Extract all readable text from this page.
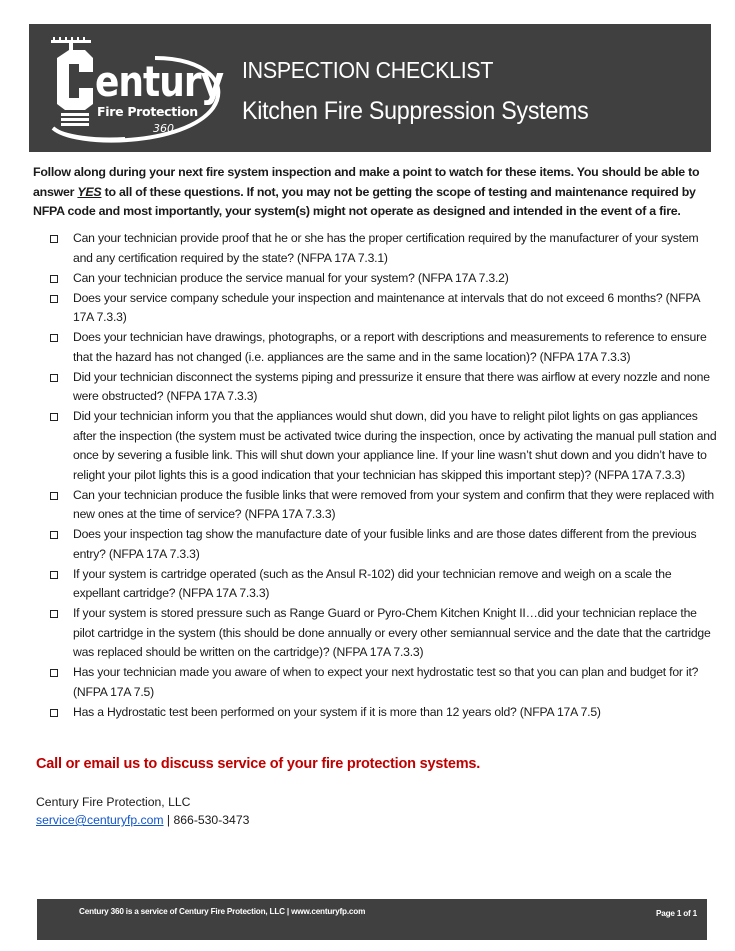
entury
Fire Protection
360
INSPECTION CHECKLIST
Kitchen Fire Suppression Systems

Follow along during your next fire system inspection and make a point to watch for these items. You should be able to answer YES to all of these questions. If not, you may not be getting the scope of testing and maintenance required by NFPA code and most importantly, your system(s) might not operate as designed and intended in the event of a fire.

Can your technician provide proof that he or she has the proper certification required by the manufacturer of your system and any certification required by the state? (NFPA 17A 7.3.1)
Can your technician produce the service manual for your system? (NFPA 17A 7.3.2)
Does your service company schedule your inspection and maintenance at intervals that do not exceed 6 months? (NFPA 17A 7.3.3)
Does your technician have drawings, photographs, or a report with descriptions and measurements to reference to ensure that the hazard has not changed (i.e. appliances are the same and in the same location)? (NFPA 17A 7.3.3)
Did your technician disconnect the systems piping and pressurize it ensure that there was airflow at every nozzle and none were obstructed? (NFPA 17A 7.3.3)
Did your technician inform you that the appliances would shut down, did you have to relight pilot lights on gas appliances after the inspection (the system must be activated twice during the inspection, once by activating the manual pull station and once by severing a fusible link. This will shut down your appliance line. If your line wasn’t shut down and you didn’t have to relight your pilot lights this is a good indication that your technician has skipped this important step)? (NFPA 17A 7.3.3)
Can your technician produce the fusible links that were removed from your system and confirm that they were replaced with new ones at the time of service? (NFPA 17A 7.3.3)
Does your inspection tag show the manufacture date of your fusible links and are those dates different from the previous entry? (NFPA 17A 7.3.3)
If your system is cartridge operated (such as the Ansul R-102) did your technician remove and weigh on a scale the expellant cartridge? (NFPA 17A 7.3.3)
If your system is stored pressure such as Range Guard or Pyro-Chem Kitchen Knight II…did your technician replace the pilot cartridge in the system (this should be done annually or every other semiannual service and the date that the cartridge was replaced should be written on the cartridge)? (NFPA 17A 7.3.3)
Has your technician made you aware of when to expect your next hydrostatic test so that you can plan and budget for it? (NFPA 17A 7.5)
Has a Hydrostatic test been performed on your system if it is more than 12 years old? (NFPA 17A 7.5)
Call or email us to discuss service of your fire protection systems.
Century Fire Protection, LLC
service@centuryfp.com | 866-530-3473
Century 360 is a service of Century Fire Protection, LLC | www.centuryfp.com	Page 1 of 1
